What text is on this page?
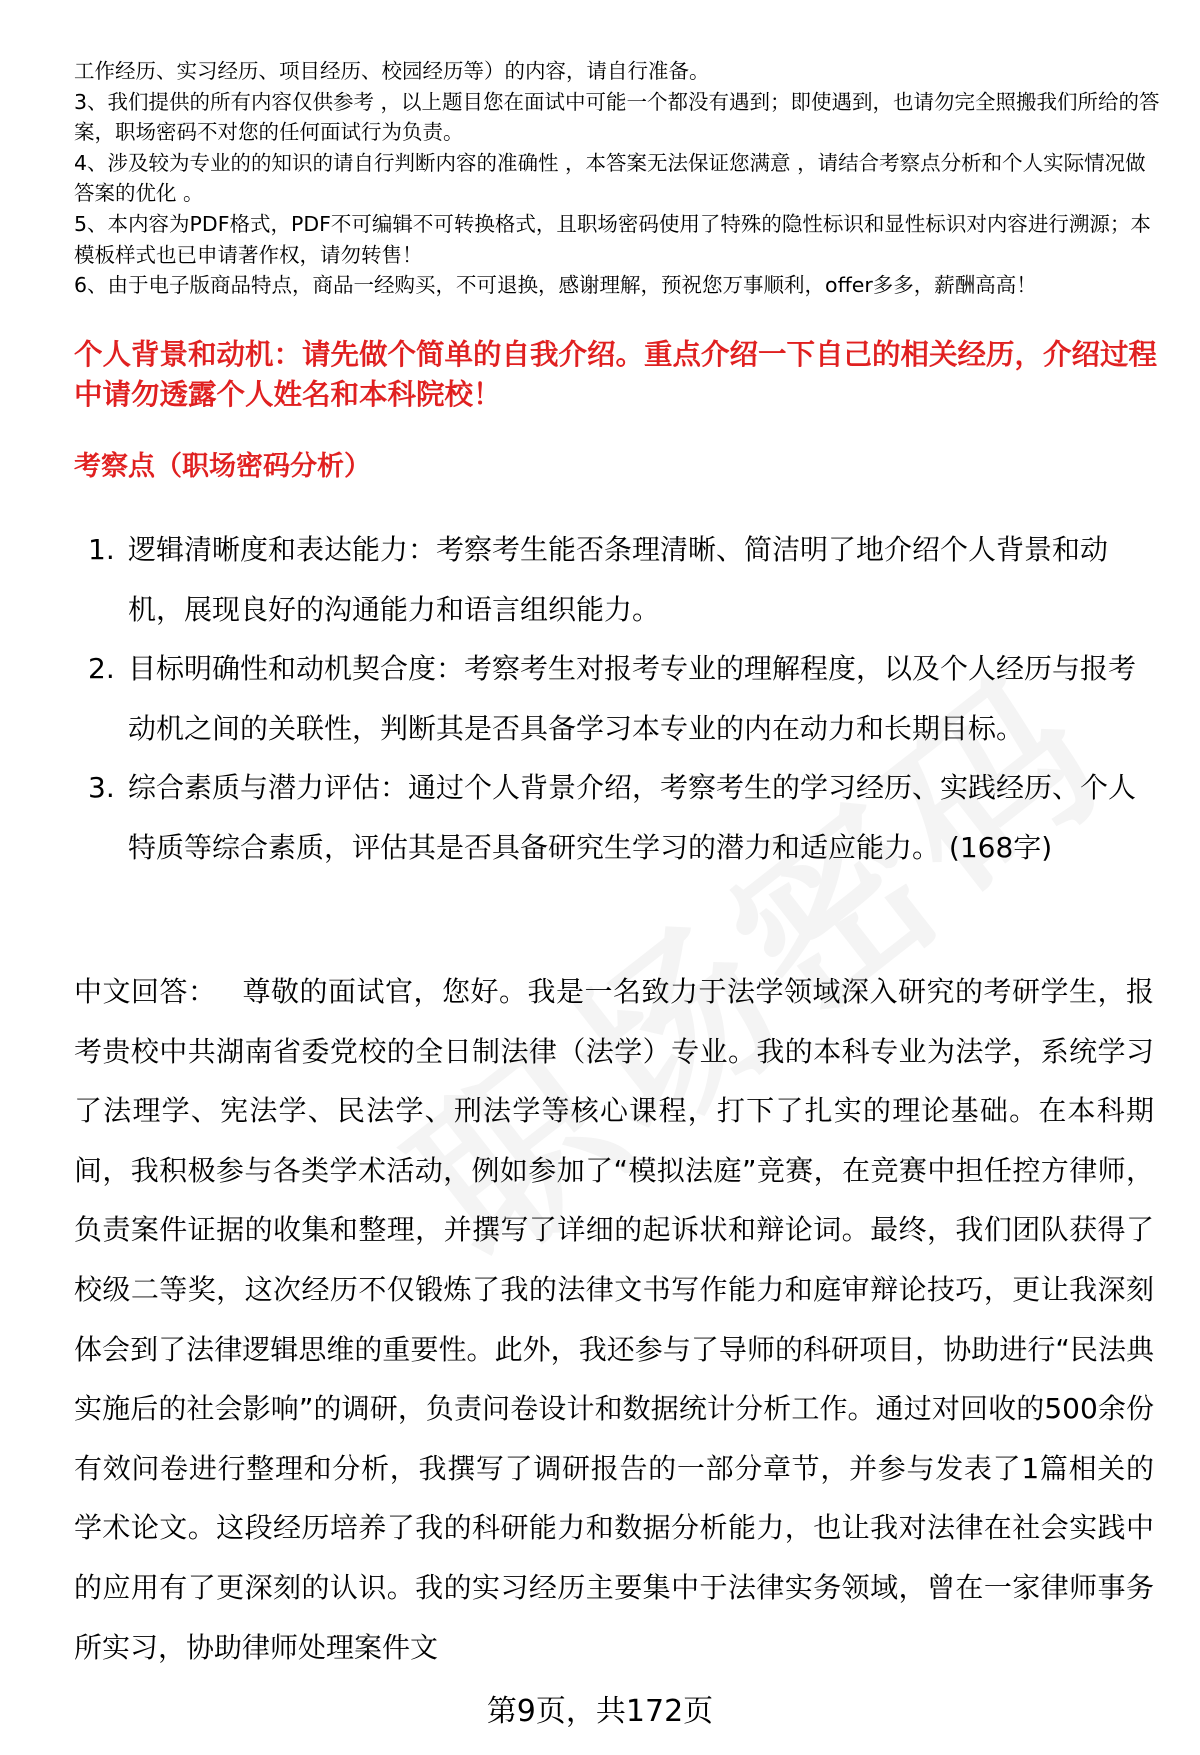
工作经历、实习经历、项目经历、校园经历等）的内容，请自行准备。

3、我们提供的所有内容仅供参考 ，以上题目您在面试中可能一个都没有遇到；即使遇到，也请勿完全照搬我们所给的答案，职场密码不对您的任何面试行为负责。

4、涉及较为专业的的知识的请自行判断内容的准确性 ，本答案无法保证您满意 ，请结合考察点分析和个人实际情况做答案的优化 。

5、本内容为PDF格式，PDF不可编辑不可转换格式，且职场密码使用了特殊的隐性标识和显性标识对内容进行溯源；本模板样式也已申请著作权，请勿转售！

6、由于电子版商品特点，商品一经购买，不可退换，感谢理解，预祝您万事顺利，offer多多，薪酬高高！

个人背景和动机：请先做个简单的自我介绍。重点介绍一下自己的相关经历，介绍过程中请勿透露个人姓名和本科院校！
考察点（职场密码分析）
1. 逻辑清晰度和表达能力：考察考生能否条理清晰、简洁明了地介绍个人背景和动机，展现良好的沟通能力和语言组织能力。
2. 目标明确性和动机契合度：考察考生对报考专业的理解程度，以及个人经历与报考动机之间的关联性，判断其是否具备学习本专业的内在动力和长期目标。
3. 综合素质与潜力评估：通过个人背景介绍，考察考生的学习经历、实践经历、个人特质等综合素质，评估其是否具备研究生学习的潜力和适应能力。 (168字)

中文回答： 尊敬的面试官，您好。我是一名致力于法学领域深入研究的考研学生，报考贵校中共湖南省委党校的全日制法律（法学）专业。我的本科专业为法学，系统学习了法理学、宪法学、民法学、刑法学等核心课程，打下了扎实的理论基础。在本科期间，我积极参与各类学术活动，例如参加了“模拟法庭”竞赛，在竞赛中担任控方律师，负责案件证据的收集和整理，并撰写了详细的起诉状和辩论词。最终，我们团队获得了校级二等奖，这次经历不仅锻炼了我的法律文书写作能力和庭审辩论技巧，更让我深刻体会到了法律逻辑思维的重要性。此外，我还参与了导师的科研项目，协助进行“民法典实施后的社会影响”的调研，负责问卷设计和数据统计分析工作。通过对回收的500余份有效问卷进行整理和分析，我撰写了调研报告的一部分章节，并参与发表了1篇相关的学术论文。这段经历培养了我的科研能力和数据分析能力，也让我对法律在社会实践中的应用有了更深刻的认识。我的实习经历主要集中于法律实务领域，曾在一家律师事务所实习，协助律师处理案件文

第9页，共172页
